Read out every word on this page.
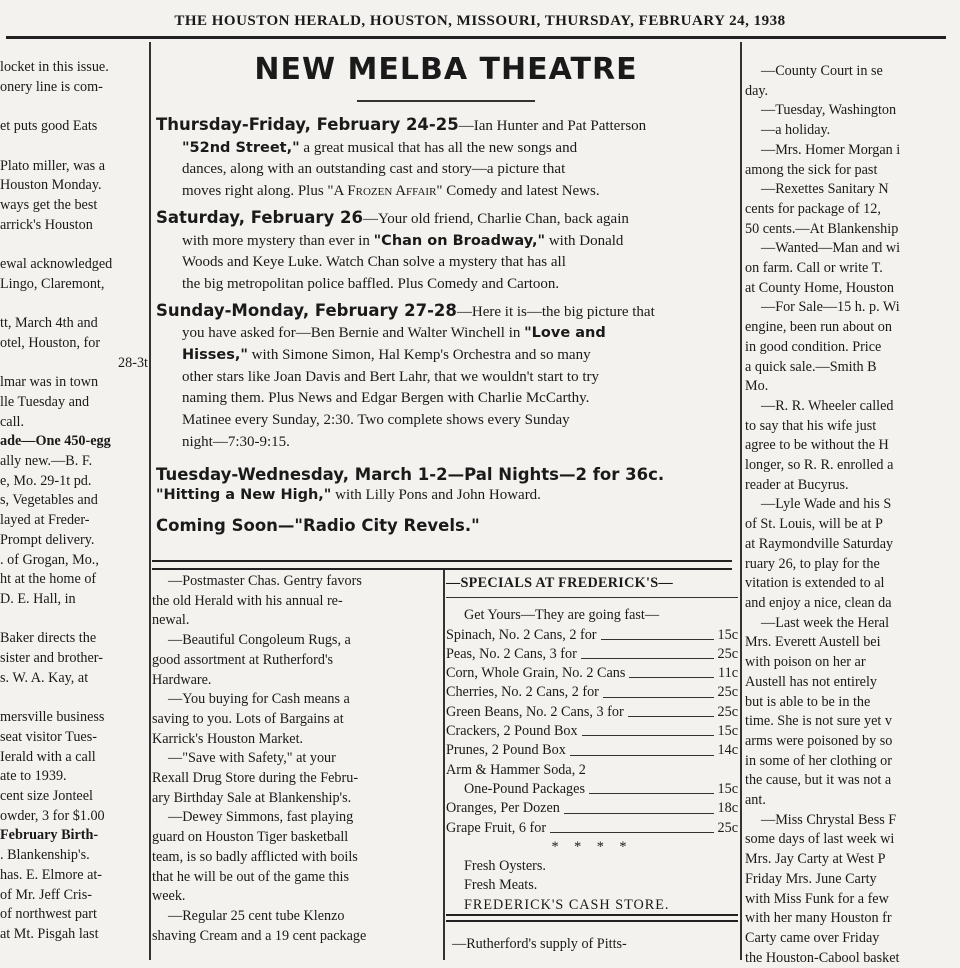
THE HOUSTON HERALD, HOUSTON, MISSOURI, THURSDAY, FEBRUARY 24, 1938

locket in this issue.

onery line is com-

et puts good Eats

Plato miller, was a

Houston Monday.

ways get the best

arrick's Houston

ewal acknowledged

Lingo, Claremont,

tt, March 4th and

otel, Houston, for

28-3t

lmar was in town

lle Tuesday and

call.

ade—One 450-egg

ally new.—B. F.

e, Mo. 29-1t pd.

s, Vegetables and

layed at Freder-

Prompt delivery.

. of Grogan, Mo.,

ht at the home of

D. E. Hall, in

Baker directs the

sister and brother-

s. W. A. Kay, at

mersville business

seat visitor Tues-

Ierald with a call

ate to 1939.

cent size Jonteel

owder, 3 for $1.00

February Birth-

. Blankenship's.

has. E. Elmore at-

of Mr. Jeff Cris-

of northwest part

at Mt. Pisgah last

NEW MELBA THEATRE
Thursday-Friday, February 24-25—Ian Hunter and Pat Patterson
"52nd Street," a great musical that has all the new songs and
dances, along with an outstanding cast and story—a picture that
moves right along. Plus "A Frozen Affair" Comedy and latest News.
Saturday, February 26—Your old friend, Charlie Chan, back again
with more mystery than ever in "Chan on Broadway," with Donald
Woods and Keye Luke. Watch Chan solve a mystery that has all
the big metropolitan police baffled. Plus Comedy and Cartoon.
Sunday-Monday, February 27-28—Here it is—the big picture that
you have asked for—Ben Bernie and Walter Winchell in "Love and
Hisses," with Simone Simon, Hal Kemp's Orchestra and so many
other stars like Joan Davis and Bert Lahr, that we wouldn't start to try
naming them. Plus News and Edgar Bergen with Charlie McCarthy.
Matinee every Sunday, 2:30. Two complete shows every Sunday
night—7:30-9:15.
Tuesday-Wednesday, March 1-2—Pal Nights—2 for 36c.
"Hitting a New High," with Lilly Pons and John Howard.
Coming Soon—"Radio City Revels."

—Postmaster Chas. Gentry favors

the old Herald with his annual re-

newal.

—Beautiful Congoleum Rugs, a

good assortment at Rutherford's

Hardware.

—You buying for Cash means a

saving to you. Lots of Bargains at

Karrick's Houston Market.

—"Save with Safety," at your

Rexall Drug Store during the Febru-

ary Birthday Sale at Blankenship's.

—Dewey Simmons, fast playing

guard on Houston Tiger basketball

team, is so badly afflicted with boils

that he will be out of the game this

week.

—Regular 25 cent tube Klenzo

shaving Cream and a 19 cent package

—SPECIALS AT FREDERICK'S—
Get Yours—They are going fast—
Spinach, No. 2 Cans, 2 for	15c
Peas, No. 2 Cans, 3 for	25c
Corn, Whole Grain, No. 2 Cans	11c
Cherries, No. 2 Cans, 2 for	25c
Green Beans, No. 2 Cans, 3 for	25c
Crackers, 2 Pound Box	15c
Prunes, 2 Pound Box	14c
Arm & Hammer Soda, 2
One-Pound Packages	15c
Oranges, Per Dozen	18c
Grape Fruit, 6 for	25c
* * * *
Fresh Oysters.
Fresh Meats.
FREDERICK'S CASH STORE.
—Rutherford's supply of Pitts-

—County Court in se

day.

—Tuesday, Washington

—a holiday.

—Mrs. Homer Morgan i

among the sick for past

—Rexettes Sanitary N

cents for package of 12,

50 cents.—At Blankenship

—Wanted—Man and wi

on farm. Call or write T.

at County Home, Houston

—For Sale—15 h. p. Wi

engine, been run about on

in good condition. Price

a quick sale.—Smith B

Mo.

—R. R. Wheeler called

to say that his wife just

agree to be without the H

longer, so R. R. enrolled a

reader at Bucyrus.

—Lyle Wade and his S

of St. Louis, will be at P

at Raymondville Saturday

ruary 26, to play for the

vitation is extended to al

and enjoy a nice, clean da

—Last week the Heral

Mrs. Everett Austell bei

with poison on her ar

Austell has not entirely

but is able to be in the

time. She is not sure yet v

arms were poisoned by so

in some of her clothing or

the cause, but it was not a

ant.

—Miss Chrystal Bess F

some days of last week wi

Mrs. Jay Carty at West P

Friday Mrs. June Carty

with Miss Funk for a few

with her many Houston fr

Carty came over Friday

the Houston-Cabool basket
